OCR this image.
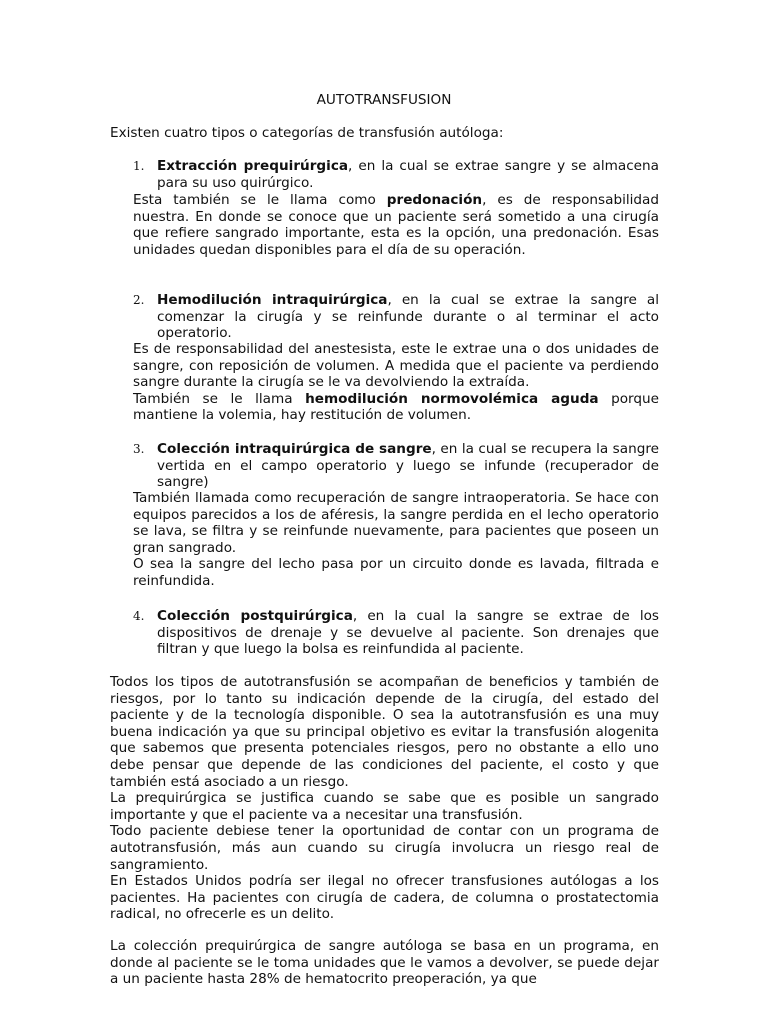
AUTOTRANSFUSION
Existen cuatro tipos o categorías de transfusión autóloga:
1. Extracción prequirúrgica, en la cual se extrae sangre y se almacena para su uso quirúrgico.

Esta también se le llama como predonación, es de responsabilidad nuestra. En donde se conoce que un paciente será sometido a una cirugía que refiere sangrado importante, esta es la opción, una predonación. Esas unidades quedan disponibles para el día de su operación.
2. Hemodilución intraquirúrgica, en la cual se extrae la sangre al comenzar la cirugía y se reinfunde durante o al terminar el acto operatorio.

Es de responsabilidad del anestesista, este le extrae una o dos unidades de sangre, con reposición de volumen. A medida que el paciente va perdiendo sangre durante la cirugía se le va devolviendo la extraída.

También se le llama hemodilución normovolémica aguda porque mantiene la volemia, hay restitución de volumen.

3. Colección intraquirúrgica de sangre, en la cual se recupera la sangre vertida en el campo operatorio y luego se infunde (recuperador de sangre)

También llamada como recuperación de sangre intraoperatoria. Se hace con equipos parecidos a los de aféresis, la sangre perdida en el lecho operatorio se lava, se filtra y se reinfunde nuevamente, para pacientes que poseen un gran sangrado.

O sea la sangre del lecho pasa por un circuito donde es lavada, filtrada e reinfundida.

4. Colección postquirúrgica, en la cual la sangre se extrae de los dispositivos de drenaje y se devuelve al paciente. Son drenajes que filtran y que luego la bolsa es reinfundida al paciente.

Todos los tipos de autotransfusión se acompañan de beneficios y también de riesgos, por lo tanto su indicación depende de la cirugía, del estado del paciente y de la tecnología disponible. O sea la autotransfusión es una muy buena indicación ya que su principal objetivo es evitar la transfusión alogenita que sabemos que presenta potenciales riesgos, pero no obstante a ello uno debe pensar que depende de las condiciones del paciente, el costo y que también está asociado a un riesgo.

La prequirúrgica se justifica cuando se sabe que es posible un sangrado importante y que el paciente va a necesitar una transfusión.

Todo paciente debiese tener la oportunidad de contar con un programa de autotransfusión, más aun cuando su cirugía involucra un riesgo real de sangramiento.

En Estados Unidos podría ser ilegal no ofrecer transfusiones autólogas a los pacientes. Ha pacientes con cirugía de cadera, de columna o prostatectomia radical, no ofrecerle es un delito.

La colección prequirúrgica de sangre autóloga se basa en un programa, en donde al paciente se le toma unidades que le vamos a devolver, se puede dejar a un paciente hasta 28% de hematocrito preoperación, ya que
